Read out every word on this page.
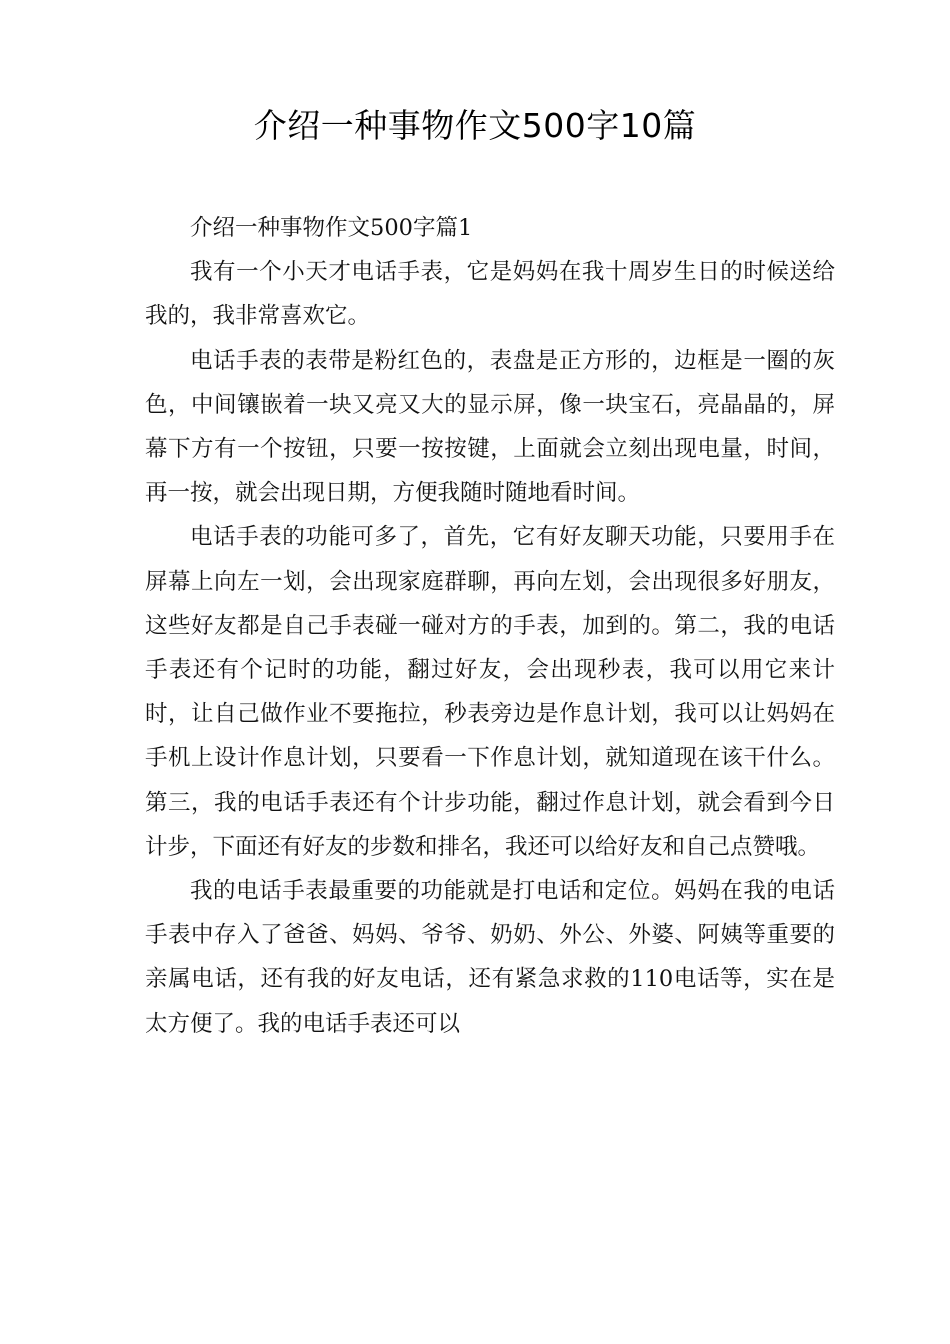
介绍一种事物作文500字10篇

介绍一种事物作文500字篇1

我有一个小天才电话手表，它是妈妈在我十周岁生日的时候送给我的，我非常喜欢它。

电话手表的表带是粉红色的，表盘是正方形的，边框是一圈的灰色，中间镶嵌着一块又亮又大的显示屏，像一块宝石，亮晶晶的，屏幕下方有一个按钮，只要一按按键，上面就会立刻出现电量，时间，再一按，就会出现日期，方便我随时随地看时间。

电话手表的功能可多了，首先，它有好友聊天功能，只要用手在屏幕上向左一划，会出现家庭群聊，再向左划，会出现很多好朋友，这些好友都是自己手表碰一碰对方的手表，加到的。第二，我的电话手表还有个记时的功能，翻过好友，会出现秒表，我可以用它来计时，让自己做作业不要拖拉，秒表旁边是作息计划，我可以让妈妈在手机上设计作息计划，只要看一下作息计划，就知道现在该干什么。第三，我的电话手表还有个计步功能，翻过作息计划，就会看到今日计步，下面还有好友的步数和排名，我还可以给好友和自己点赞哦。

我的电话手表最重要的功能就是打电话和定位。妈妈在我的电话手表中存入了爸爸、妈妈、爷爷、奶奶、外公、外婆、阿姨等重要的亲属电话，还有我的好友电话，还有紧急求救的110电话等，实在是太方便了。我的电话手表还可以
